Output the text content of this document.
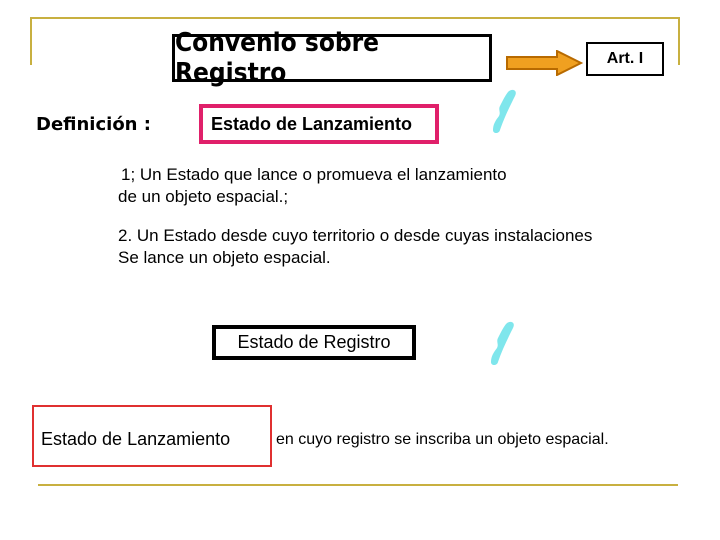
Convenio sobre Registro	Art. I
Definición :	Estado de Lanzamiento
1; Un Estado que lance o promueva el lanzamiento
de un objeto espacial.;
2. Un Estado desde cuyo territorio o desde cuyas instalaciones
Se lance un objeto espacial.
Estado de Registro
Estado de Lanzamiento	en cuyo registro se inscriba un objeto espacial.
